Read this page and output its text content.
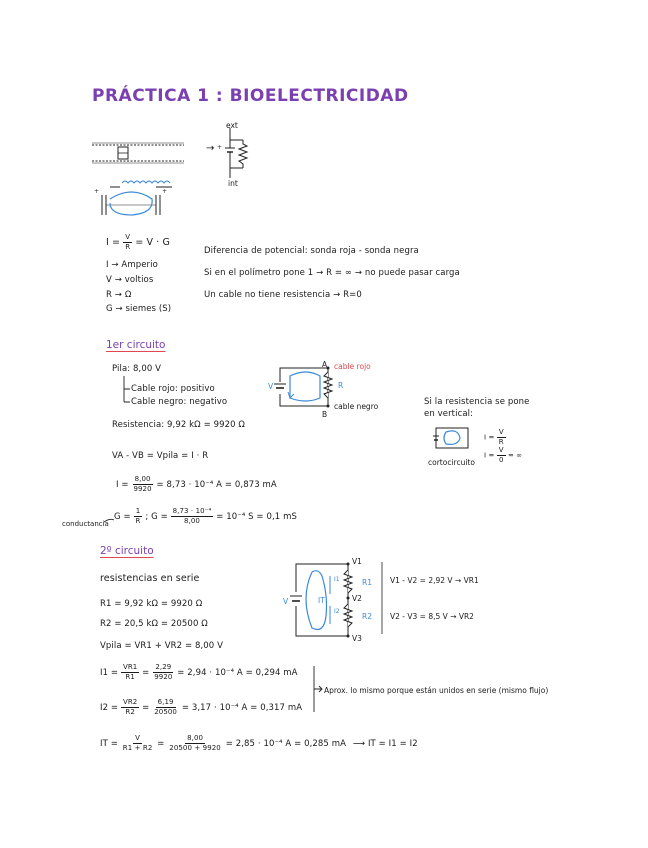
PRÁCTICA 1 : BIOELECTRICIDAD
+	+
→ +
ext
int
$I = \frac{V}{R} = V \cdot G$
I → Amperio
V → voltios
R → Ω
G → siemes (S)
Diferencia de potencial: sonda roja - sonda negra
Si en el polímetro pone 1 → R = ∞ → no puede pasar carga
Un cable no tiene resistencia → R=0
1er circuito
Pila: 8,00 V
Cable rojo: positivo
Cable negro: negativo
Resistencia: 9,92 kΩ = 9920 Ω
VA - VB = Vpila = I · R
$I = \frac{8,00}{9920} = 8,73 \cdot 10^{-4}$ A = 0,873 mA
conductancia
$G = \frac{1}{R}$ ; $G = \frac{\text{8,73 · 10⁻⁴}}{8,00} = 10^{-4}$ S = 0,1 mS
A cable rojo
V	R
cable negro
B
Si la resistencia se pone
en vertical:
$I = \frac{V}{R}$
$I = \frac{V}{0}$ = ∞
cortocircuito
2º circuito
resistencias en serie
R1 = 9,92 kΩ = 9920 Ω
R2 = 20,5 kΩ = 20500 Ω
Vpila = VR1 + VR2 = 8,00 V
$I1 = \frac{VR1}{R1} = \frac{2,29}{9920} = 2,94 \cdot 10^{-4}$ A = 0,294 mA
$I2 = \frac{VR2}{R2} = \frac{6,19}{20500} = 3,17 \cdot 10^{-4}$ A = 0,317 mA
Aprox. lo mismo porque están unidos en serie (mismo flujo)
IT = $\frac{V}{R1 + R2} = \frac{8,00}{20500 + 9920} = 2,85 \cdot 10^{-4}$ A = 0,285 mA ⟶ IT = I1 = I2
V1
V2
V3
V	IT
I1
I2
R1
R2
V1 - V2 = 2,92 V → VR1
V2 - V3 = 8,5 V → VR2
